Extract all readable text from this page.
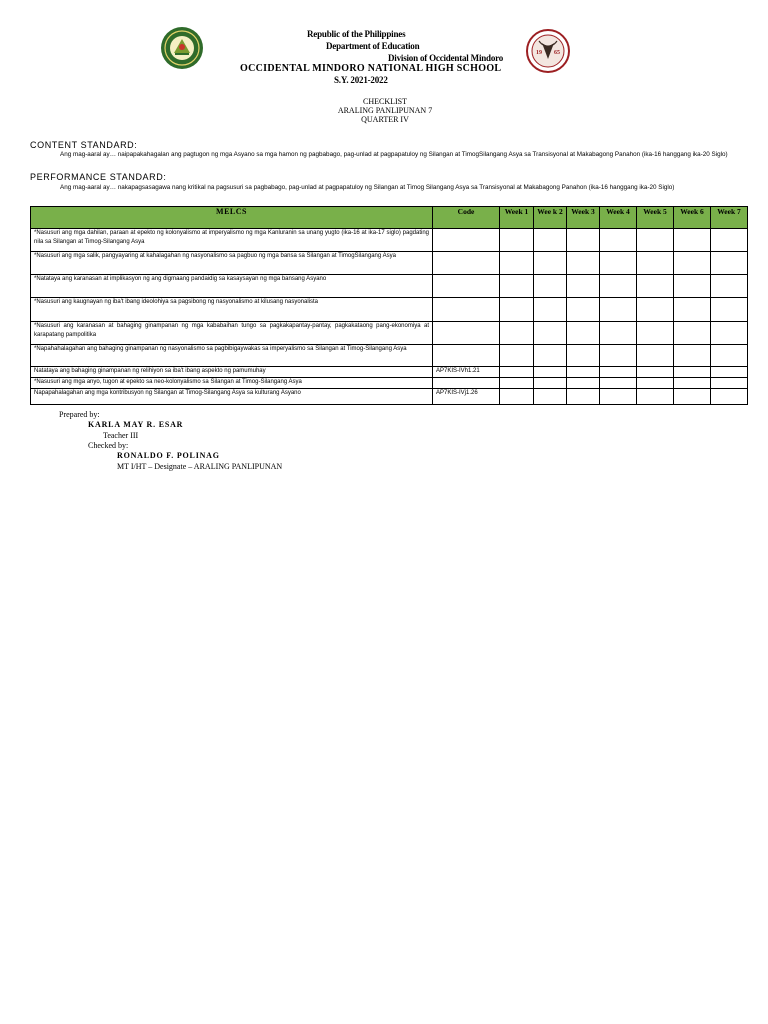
19 65
Republic of the Philippines
Department of Education
Division of Occidental Mindoro
OCCIDENTAL MINDORO NATIONAL HIGH SCHOOL
S.Y. 2021-2022
CHECKLIST
ARALING PANLIPUNAN 7
QUARTER IV
CONTENT STANDARD:
Ang mag-aaral ay… naipapakahagalan ang pagtugon ng mga Asyano sa mga hamon ng pagbabago, pag-unlad at pagpapatuloy ng Silangan at TimogSilangang Asya sa Transisyonal at Makabagong Panahon (ika-16 hanggang ika-20 Siglo)
PERFORMANCE STANDARD:
Ang mag-aaral ay… nakapagsasagawa nang kritikal na pagsusuri sa pagbabago, pag-unlad at pagpapatuloy ng Silangan at Timog Silangang Asya sa Transisyonal at Makabagong Panahon (ika-16 hanggang ika-20 Siglo)
MELCS	Code	Week 1	Wee k 2	Week 3	Week 4	Week 5	Week 6	Week 7
*Nasusuri ang mga dahilan, paraan at epekto ng kolonyalismo at imperyalismo ng mga Kanluranin sa unang yugto (ika-16 at ika-17 siglo) pagdating nila sa Silangan at Timog-Silangang Asya								
*Nasusuri ang mga salik, pangyayaring at kahalagahan ng nasyonalismo sa pagbuo ng mga bansa sa Silangan at TimogSilangang Asya								
*Natataya ang karanasan at implikasyon ng ang digmaang pandaidig sa kasaysayan ng mga bansang Asyano								
*Nasusuri ang kaugnayan ng iba't ibang ideolohiya sa pagsibong ng nasyonalismo at kilusang nasyonalista								
*Nasusuri ang karanasan at bahaging ginampanan ng mga kababaihan tungo sa pagkakapantay-pantay, pagkakataong pang-ekonomiya at karapatang pampolitika								
*Napahahalagahan ang bahaging ginampanan ng nasyonalismo sa pagbibigaywakas sa imperyalismo sa Silangan at Timog-Silangang Asya								
Natataya ang bahaging ginampanan ng relihiyon sa iba't ibang aspekto ng pamumuhay	AP7KIS-IVh1.21							
*Nasusuri ang mga anyo, tugon at epekto sa neo-kolonyalismo sa Silangan at Timog-Silangang Asya								
Napapahalagahan ang mga kontribusyon ng Silangan at Timog-Silangang Asya sa kulturang Asyano	AP7KIS-IVj1.26							
Prepared by:
KARLA MAY R. ESAR
Teacher III
Checked by:
RONALDO F. POLINAG
MT I/HT – Designate – ARALING PANLIPUNAN
